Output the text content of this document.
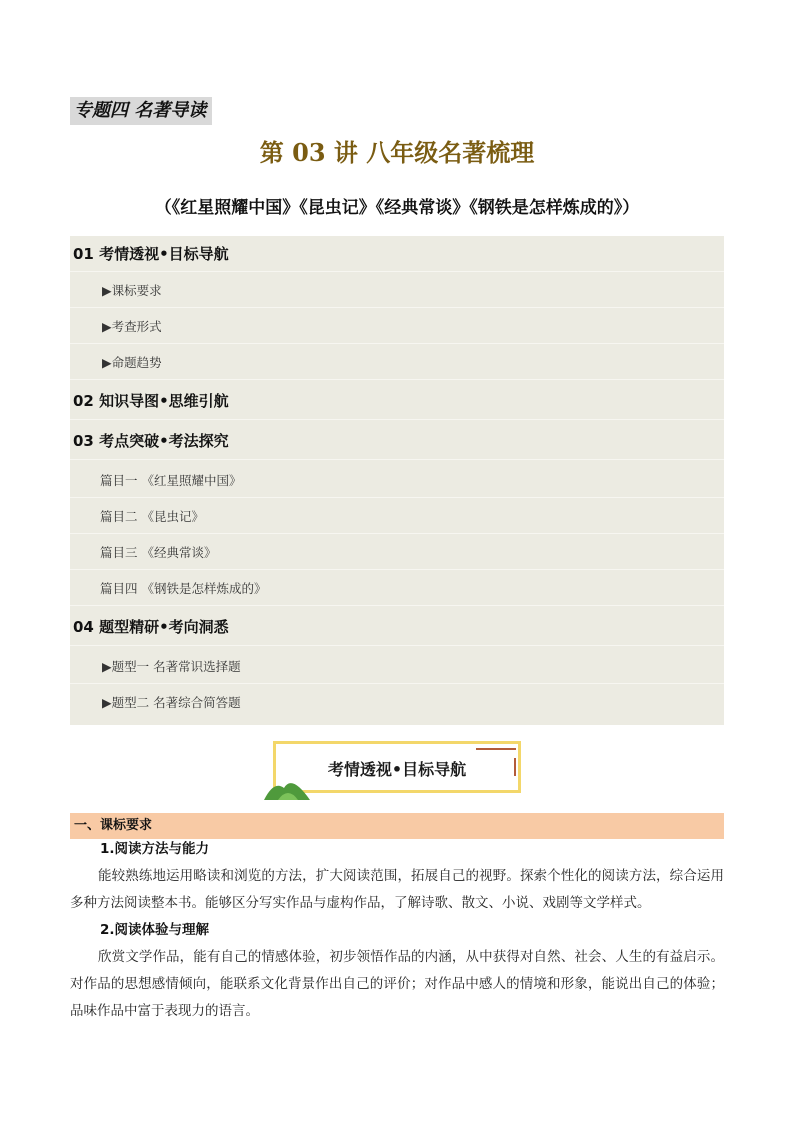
专题四 名著导读
第 03 讲 八年级名著梳理
（《红星照耀中国》《昆虫记》《经典常谈》《钢铁是怎样炼成的》）
01 考情透视•目标导航
▶课标要求
▶考查形式
▶命题趋势
02 知识导图•思维引航
03 考点突破•考法探究
篇目一 《红星照耀中国》
篇目二 《昆虫记》
篇目三 《经典常谈》
篇目四 《钢铁是怎样炼成的》
04 题型精研•考向洞悉
▶题型一 名著常识选择题
▶题型二 名著综合简答题
考情透视•目标导航
一、课标要求
1.阅读方法与能力

能较熟练地运用略读和浏览的方法，扩大阅读范围，拓展自己的视野。探索个性化的阅读方法，综合运用多种方法阅读整本书。能够区分写实作品与虚构作品，了解诗歌、散文、小说、戏剧等文学样式。

2.阅读体验与理解

欣赏文学作品，能有自己的情感体验，初步领悟作品的内涵，从中获得对自然、社会、人生的有益启示。对作品的思想感情倾向，能联系文化背景作出自己的评价；对作品中感人的情境和形象，能说出自己的体验；品味作品中富于表现力的语言。
